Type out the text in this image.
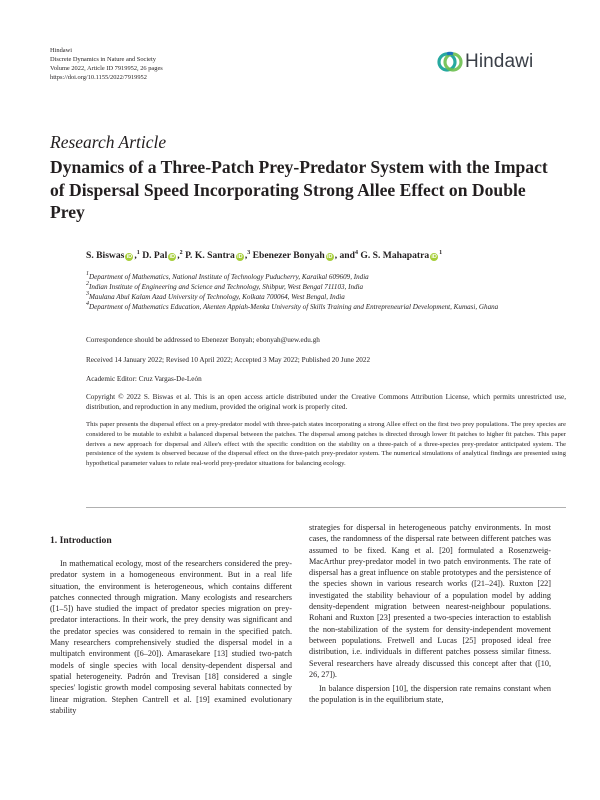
Hindawi
Discrete Dynamics in Nature and Society
Volume 2022, Article ID 7919952, 26 pages
https://doi.org/10.1155/2022/7919952
Hindawi
Research Article
Dynamics of a Three-Patch Prey-Predator System with the Impact of Dispersal Speed Incorporating Strong Allee Effect on Double Prey
S. Biswas iD ,$^1$ D. Pal iD ,$^2$ P. K. Santra iD ,$^3$ Ebenezer Bonyah iD , and$^4$ G. S. Mahapatra $iD^1$
$^1$Department of Mathematics, National Institute of Technology Puducherry, Karaikal 609609, India
$^2$Indian Institute of Engineering and Science and Technology, Shibpur, West Bengal 711103, India
$^3$Maulana Abul Kalam Azad University of Technology, Kolkata 700064, West Bengal, India
$^4$Department of Mathematics Education, Akenten Appiah-Menka University of Skills Training and Entrepreneurial Development, Kumasi, Ghana
Correspondence should be addressed to Ebenezer Bonyah; ebonyah@uew.edu.gh
Received 14 January 2022; Revised 10 April 2022; Accepted 3 May 2022; Published 20 June 2022
Academic Editor: Cruz Vargas-De-León
Copyright © 2022 S. Biswas et al. This is an open access article distributed under the Creative Commons Attribution License, which permits unrestricted use, distribution, and reproduction in any medium, provided the original work is properly cited.
This paper presents the dispersal effect on a prey-predator model with three-patch states incorporating a strong Allee effect on the first two prey populations. The prey species are considered to be mutable to exhibit a balanced dispersal between the patches. The dispersal among patches is directed through lower fit patches to higher fit patches. This paper derives a new approach for dispersal and Allee's effect with the specific condition on the stability on a three-patch of a three-species prey-predator anticipated system. The persistence of the system is observed because of the dispersal effect on the three-patch prey-predator system. The numerical simulations of analytical findings are presented using hypothetical parameter values to relate real-world prey-predator situations for balancing ecology.
1. Introduction

In mathematical ecology, most of the researchers considered the prey-predator system in a homogeneous environment. But in a real life situation, the environment is heterogeneous, which contains different patches connected through migration. Many ecologists and researchers ([1–5]) have studied the impact of predator species migration on prey-predator interactions. In their work, the prey density was significant and the predator species was considered to remain in the specified patch. Many researchers comprehensively studied the dispersal model in a multipatch environment ([6–20]). Amarasekare [13] studied two-patch models of single species with local density-dependent dispersal and spatial heterogeneity. Padrón and Trevisan [18] considered a single species' logistic growth model composing several habitats connected by linear migration. Stephen Cantrell et al. [19] examined evolutionary stability

strategies for dispersal in heterogeneous patchy environments. In most cases, the randomness of the dispersal rate between different patches was assumed to be fixed. Kang et al. [20] formulated a Rosenzweig-MacArthur prey-predator model in two patch environments. The rate of dispersal has a great influence on stable prototypes and the persistence of the species shown in various research works ([21–24]). Ruxton [22] investigated the stability behaviour of a population model by adding density-dependent migration between nearest-neighbour populations. Rohani and Ruxton [23] presented a two-species interaction to establish the non-stabilization of the system for density-independent movement between populations. Fretwell and Lucas [25] proposed ideal free distribution, i.e. individuals in different patches possess similar fitness. Several researchers have already discussed this concept after that ([10, 26, 27]).

In balance dispersion [10], the dispersion rate remains constant when the population is in the equilibrium state,
